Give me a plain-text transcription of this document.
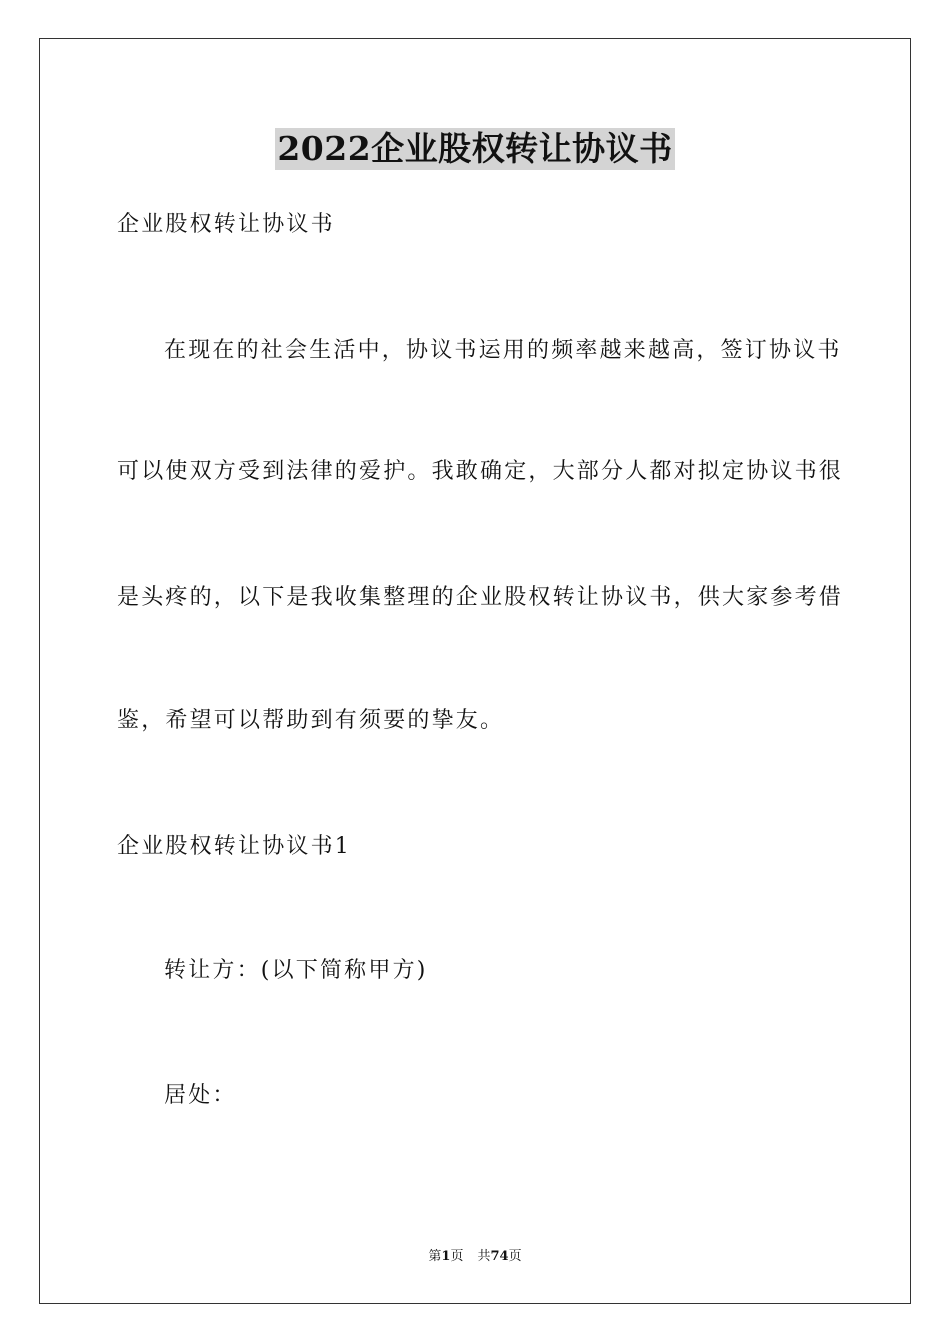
2022企业股权转让协议书
企业股权转让协议书
在现在的社会生活中，协议书运用的频率越来越高，签订协议书
可以使双方受到法律的爱护。我敢确定，大部分人都对拟定协议书很
是头疼的，以下是我收集整理的企业股权转让协议书，供大家参考借
鉴，希望可以帮助到有须要的挚友。
企业股权转让协议书1
转让方：(以下简称甲方)
居处：
第1页 共74页
